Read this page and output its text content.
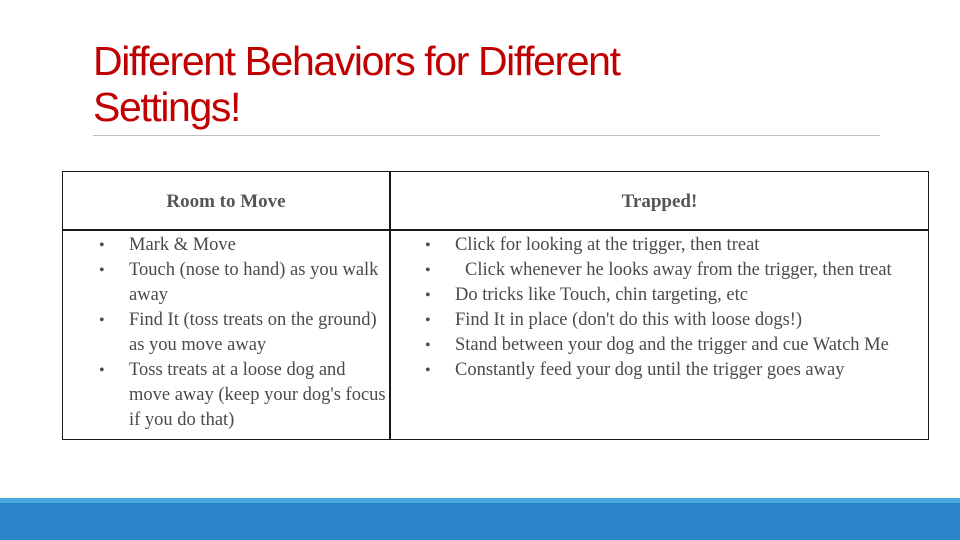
Different Behaviors for Different
Settings!
Room to Move	Trapped!
• Mark & Move
• Touch (nose to hand) as you walk away
• Find It (toss treats on the ground) as you move away
• Toss treats at a loose dog and move away (keep your dog's focus if you do that)
• Click for looking at the trigger, then treat
• Click whenever he looks away from the trigger, then treat
• Do tricks like Touch, chin targeting, etc
• Find It in place (don't do this with loose dogs!)
• Stand between your dog and the trigger and cue Watch Me
• Constantly feed your dog until the trigger goes away
